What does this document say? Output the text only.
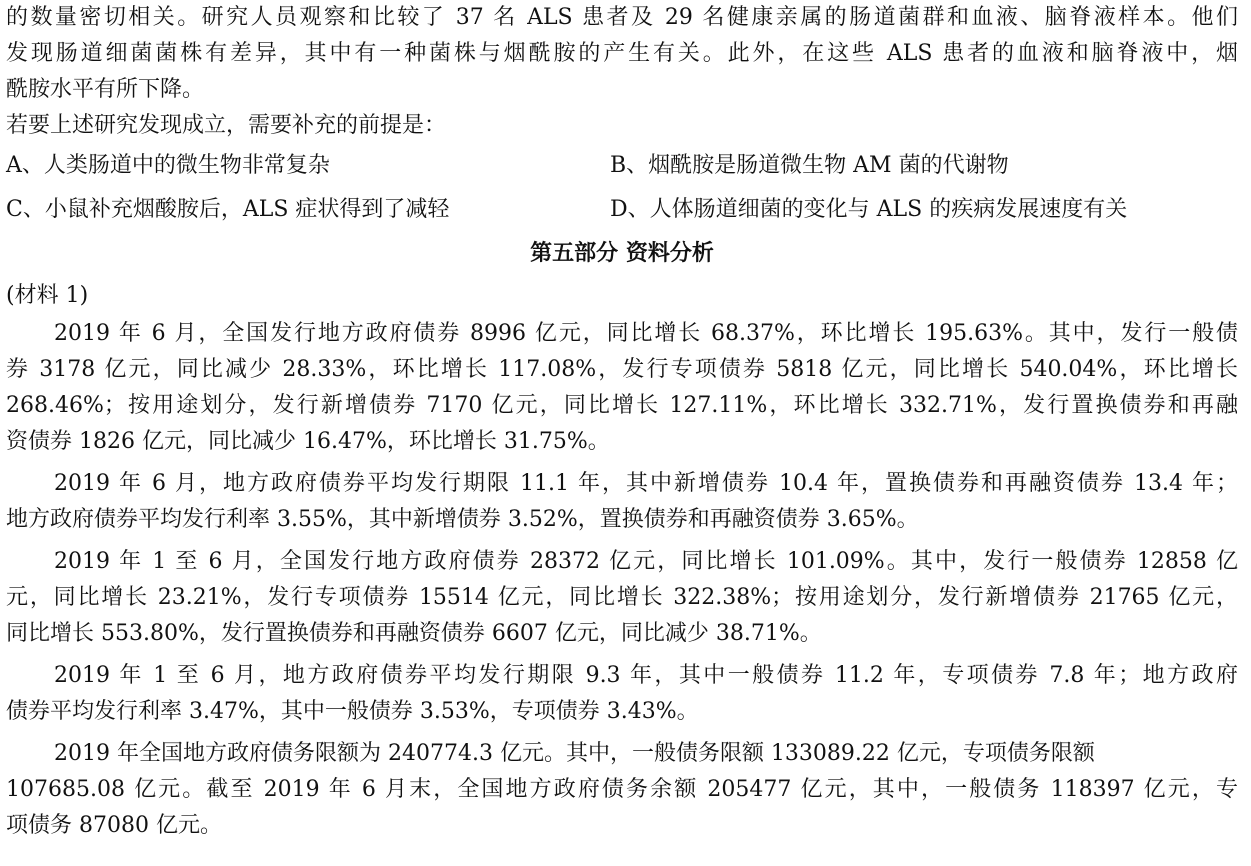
的数量密切相关。研究人员观察和比较了 37 名 ALS 患者及 29 名健康亲属的肠道菌群和血液、脑脊液样本。他们
发现肠道细菌菌株有差异，其中有一种菌株与烟酰胺的产生有关。此外，在这些 ALS 患者的血液和脑脊液中，烟
酰胺水平有所下降。
若要上述研究发现成立，需要补充的前提是：
A、人类肠道中的微生物非常复杂	B、烟酰胺是肠道微生物 AM 菌的代谢物
C、小鼠补充烟酸胺后，ALS 症状得到了减轻	D、人体肠道细菌的变化与 ALS 的疾病发展速度有关
第五部分 资料分析
(材料 1)
2019 年 6 月，全国发行地方政府债券 8996 亿元，同比增长 68.37%，环比增长 195.63%。其中，发行一般债
券 3178 亿元，同比减少 28.33%，环比增长 117.08%，发行专项债券 5818 亿元，同比增长 540.04%，环比增长
268.46%；按用途划分，发行新增债券 7170 亿元，同比增长 127.11%，环比增长 332.71%，发行置换债券和再融
资债券 1826 亿元，同比减少 16.47%，环比增长 31.75%。
2019 年 6 月，地方政府债券平均发行期限 11.1 年，其中新增债券 10.4 年，置换债券和再融资债券 13.4 年；
地方政府债券平均发行利率 3.55%，其中新增债券 3.52%，置换债券和再融资债券 3.65%。
2019 年 1 至 6 月，全国发行地方政府债券 28372 亿元，同比增长 101.09%。其中，发行一般债券 12858 亿
元，同比增长 23.21%，发行专项债券 15514 亿元，同比增长 322.38%；按用途划分，发行新增债券 21765 亿元，
同比增长 553.80%，发行置换债券和再融资债券 6607 亿元，同比减少 38.71%。
2019 年 1 至 6 月，地方政府债券平均发行期限 9.3 年，其中一般债券 11.2 年，专项债券 7.8 年；地方政府
债券平均发行利率 3.47%，其中一般债券 3.53%，专项债券 3.43%。
2019 年全国地方政府债务限额为 240774.3 亿元。其中，一般债务限额 133089.22 亿元，专项债务限额
107685.08 亿元。截至 2019 年 6 月末，全国地方政府债务余额 205477 亿元，其中，一般债务 118397 亿元，专
项债务 87080 亿元。
